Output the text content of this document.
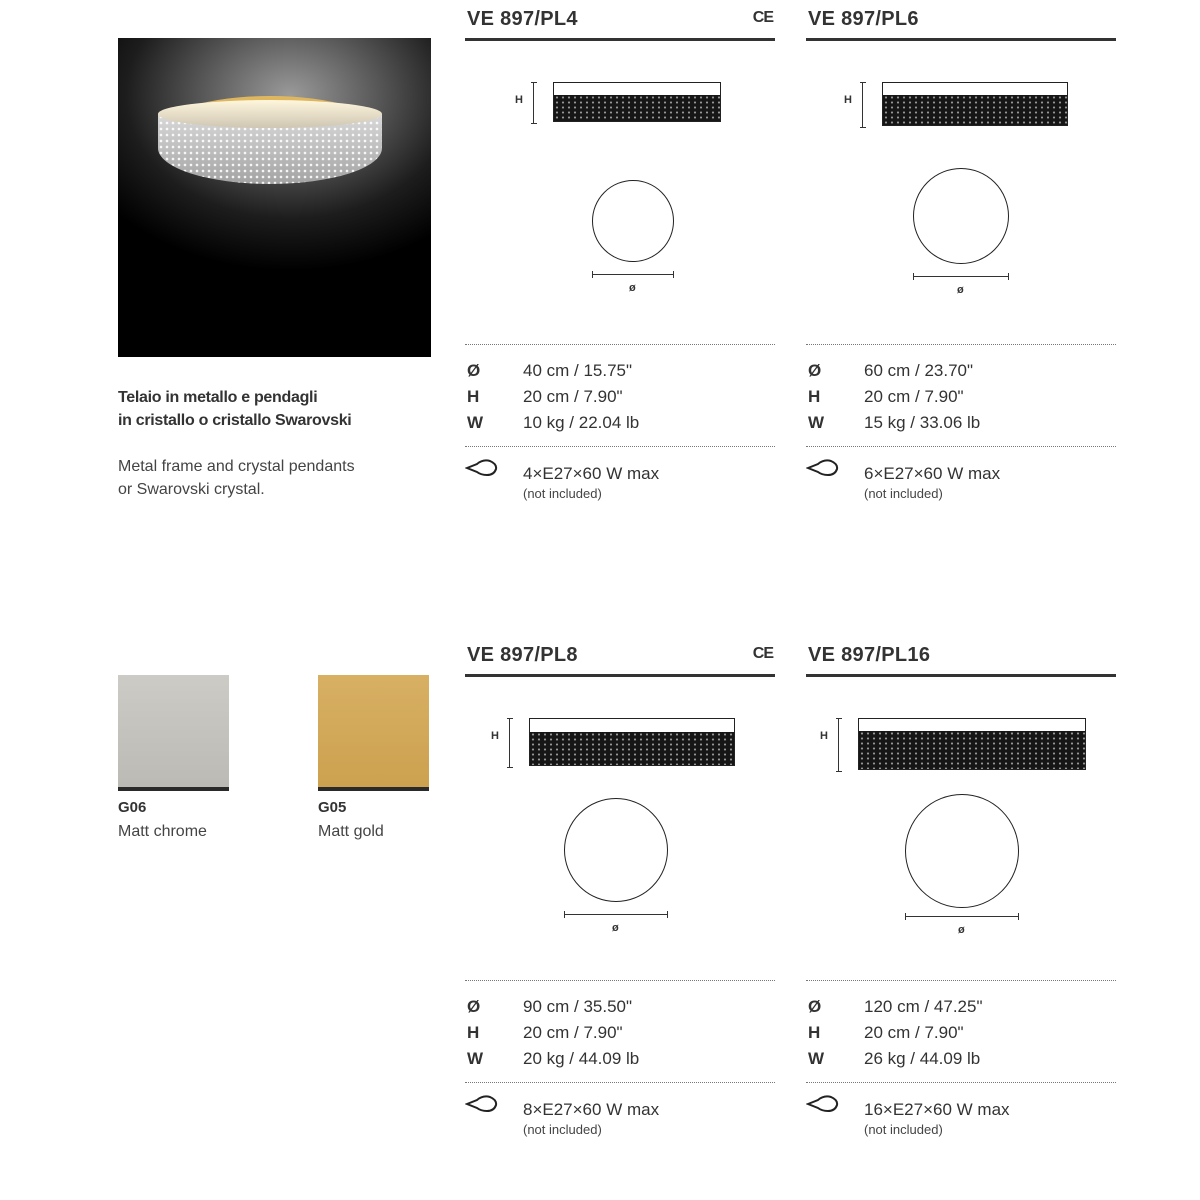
Telaio in metallo e pendagli
in cristallo o cristallo Swarovski
Metal frame and crystal pendants
or Swarovski crystal.
G06
Matt chrome
G05
Matt gold
VE 897/PL4	CE
H
ø
Ø	40 cm / 15.75"
H	20 cm / 7.90"
W	10 kg / 22.04 lb
4×E27×60 W max
(not included)
VE 897/PL6
H
ø
Ø	60 cm / 23.70"
H	20 cm / 7.90"
W	15 kg / 33.06 lb
6×E27×60 W max
(not included)
VE 897/PL8	CE
H
ø
Ø	90 cm / 35.50"
H	20 cm / 7.90"
W	20 kg / 44.09 lb
8×E27×60 W max
(not included)
VE 897/PL16
H
ø
Ø	120 cm / 47.25"
H	20 cm / 7.90"
W	26 kg / 44.09 lb
16×E27×60 W max
(not included)
